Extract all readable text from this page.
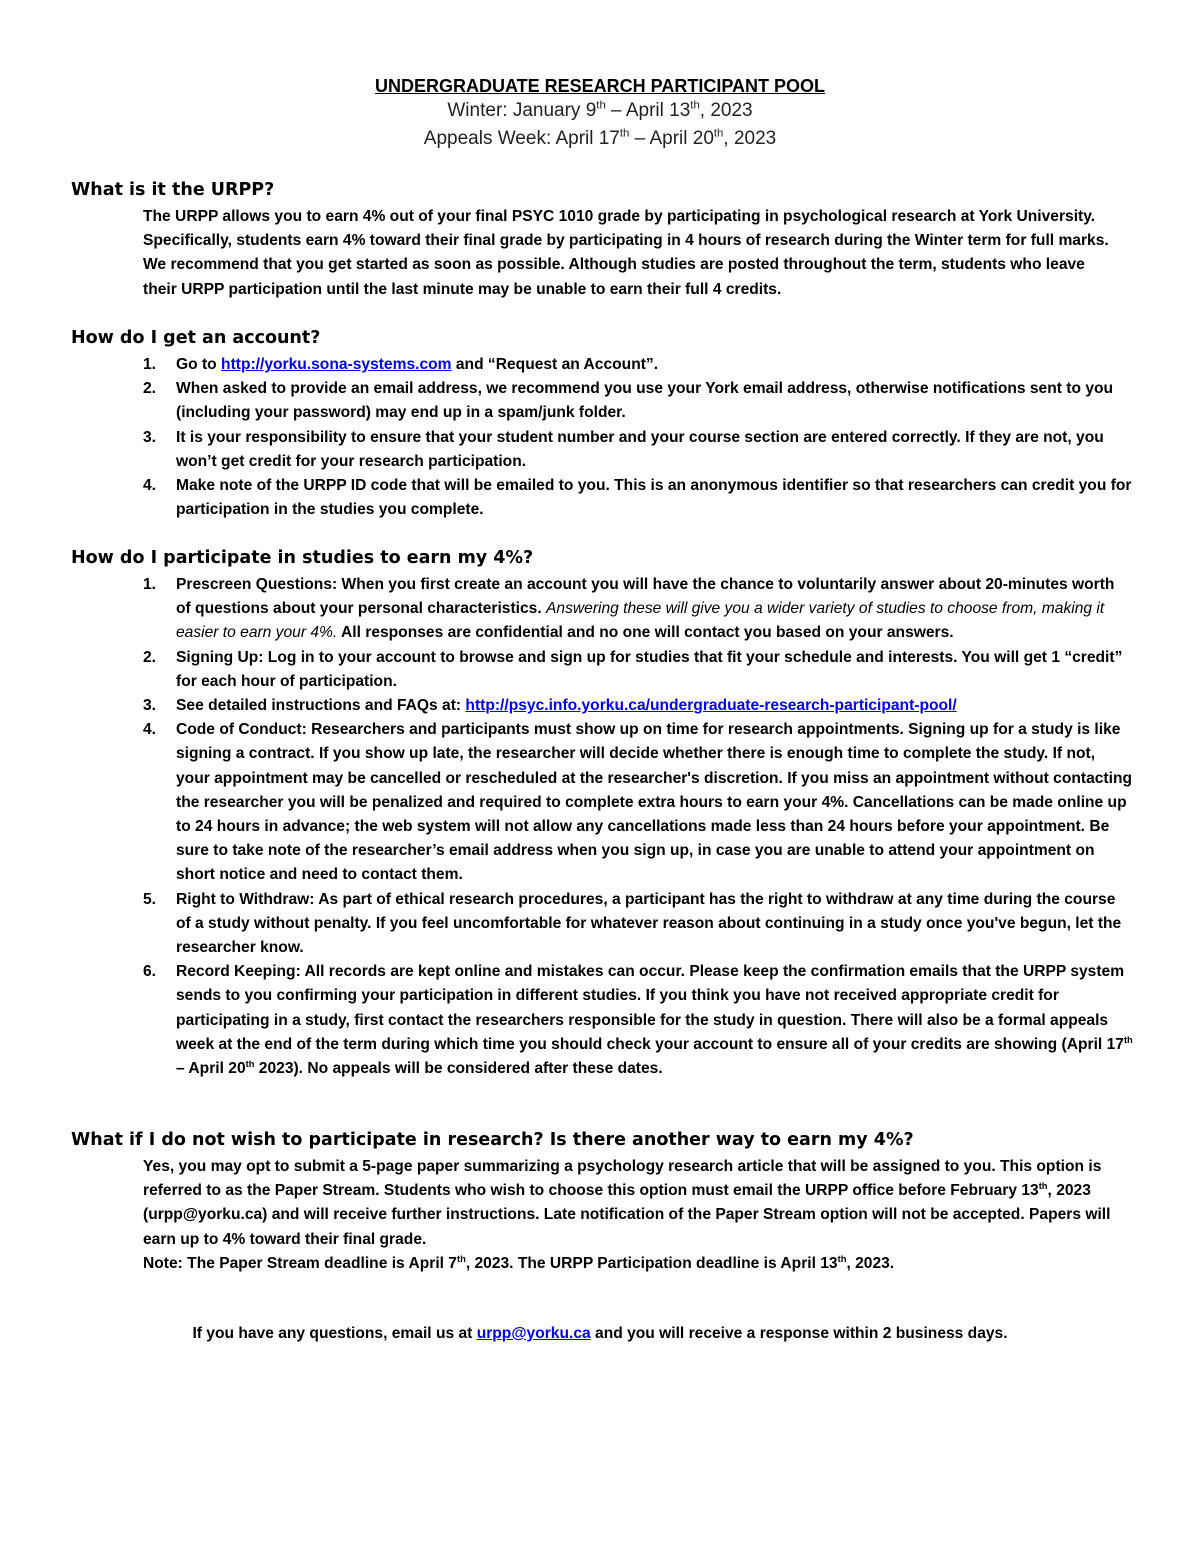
UNDERGRADUATE RESEARCH PARTICIPANT POOL
Winter: January 9th – April 13th, 2023
Appeals Week: April 17th – April 20th, 2023
What is it the URPP?

The URPP allows you to earn 4% out of your final PSYC 1010 grade by participating in psychological research at York University. Specifically, students earn 4% toward their final grade by participating in 4 hours of research during the Winter term for full marks. We recommend that you get started as soon as possible. Although studies are posted throughout the term, students who leave their URPP participation until the last minute may be unable to earn their full 4 credits.

How do I get an account?
1. Go to http://yorku.sona-systems.com and “Request an Account”.
2. When asked to provide an email address, we recommend you use your York email address, otherwise notifications sent to you (including your password) may end up in a spam/junk folder.
3. It is your responsibility to ensure that your student number and your course section are entered correctly. If they are not, you won’t get credit for your research participation.
4. Make note of the URPP ID code that will be emailed to you. This is an anonymous identifier so that researchers can credit you for participation in the studies you complete.
How do I participate in studies to earn my 4%?
1. Prescreen Questions: When you first create an account you will have the chance to voluntarily answer about 20-minutes worth of questions about your personal characteristics. Answering these will give you a wider variety of studies to choose from, making it easier to earn your 4%. All responses are confidential and no one will contact you based on your answers.
2. Signing Up: Log in to your account to browse and sign up for studies that fit your schedule and interests. You will get 1 “credit” for each hour of participation.
3. See detailed instructions and FAQs at: http://psyc.info.yorku.ca/undergraduate-research-participant-pool/
4. Code of Conduct: Researchers and participants must show up on time for research appointments. Signing up for a study is like signing a contract. If you show up late, the researcher will decide whether there is enough time to complete the study. If not, your appointment may be cancelled or rescheduled at the researcher's discretion. If you miss an appointment without contacting the researcher you will be penalized and required to complete extra hours to earn your 4%. Cancellations can be made online up to 24 hours in advance; the web system will not allow any cancellations made less than 24 hours before your appointment. Be sure to take note of the researcher’s email address when you sign up, in case you are unable to attend your appointment on short notice and need to contact them.
5. Right to Withdraw: As part of ethical research procedures, a participant has the right to withdraw at any time during the course of a study without penalty. If you feel uncomfortable for whatever reason about continuing in a study once you've begun, let the researcher know.
6. Record Keeping: All records are kept online and mistakes can occur. Please keep the confirmation emails that the URPP system sends to you confirming your participation in different studies. If you think you have not received appropriate credit for participating in a study, first contact the researchers responsible for the study in question. There will also be a formal appeals week at the end of the term during which time you should check your account to ensure all of your credits are showing (April 17th – April 20th 2023). No appeals will be considered after these dates.
What if I do not wish to participate in research? Is there another way to earn my 4%?

Yes, you may opt to submit a 5-page paper summarizing a psychology research article that will be assigned to you. This option is referred to as the Paper Stream. Students who wish to choose this option must email the URPP office before February 13th, 2023 (urpp@yorku.ca) and will receive further instructions. Late notification of the Paper Stream option will not be accepted. Papers will earn up to 4% toward their final grade.

Note: The Paper Stream deadline is April 7th, 2023. The URPP Participation deadline is April 13th, 2023.

If you have any questions, email us at urpp@yorku.ca and you will receive a response within 2 business days.
